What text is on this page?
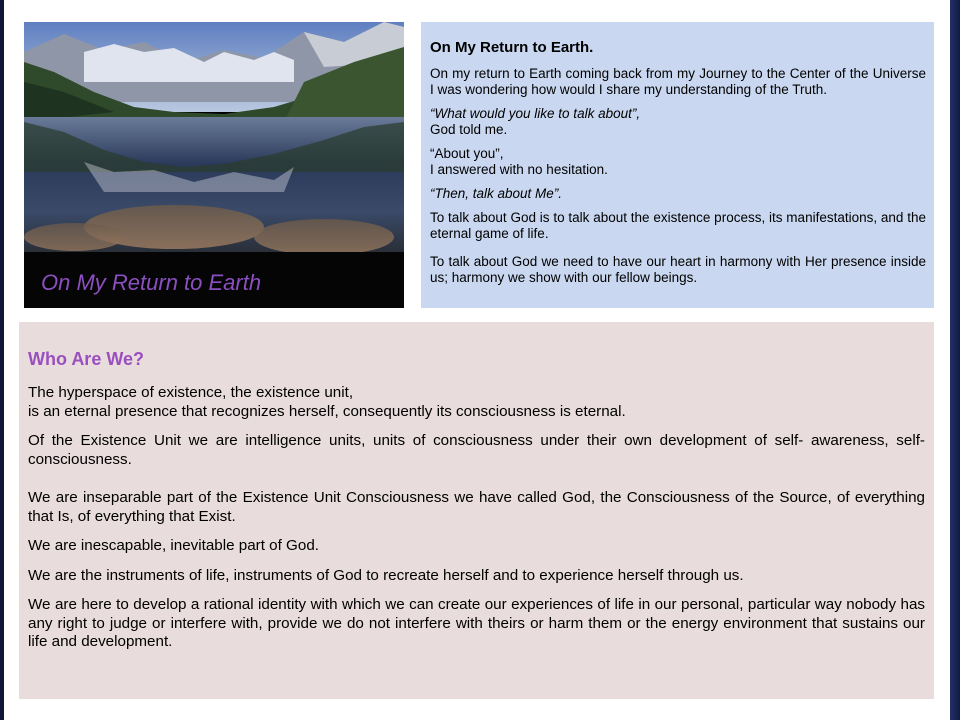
On My Return to Earth

On My Return to Earth.

On my return to Earth coming back from my Journey to the Center of the Universe I was wondering how would I share my understanding of the Truth.

“What would you like to talk about”,
God told me.

“About you”,
I answered with no hesitation.

“Then, talk about Me”.

To talk about God is to talk about the existence process, its manifestations, and the eternal game of life.

To talk about God we need to have our heart in harmony with Her presence inside us; harmony we show with our fellow beings.

Who Are We?

The hyperspace of existence, the existence unit,
is an eternal presence that recognizes herself, consequently its consciousness is eternal.

Of the Existence Unit we are intelligence units, units of consciousness under their own development of self- awareness, self-consciousness.

We are inseparable part of the Existence Unit Consciousness we have called God, the Consciousness of the Source, of everything that Is, of everything that Exist.

We are inescapable, inevitable part of God.

We are the instruments of life, instruments of God to recreate herself and to experience herself through us.

We are here to develop a rational identity with which we can create our experiences of life in our personal, particular way nobody has any right to judge or interfere with, provide we do not interfere with theirs or harm them or the energy environment that sustains our life and development.
